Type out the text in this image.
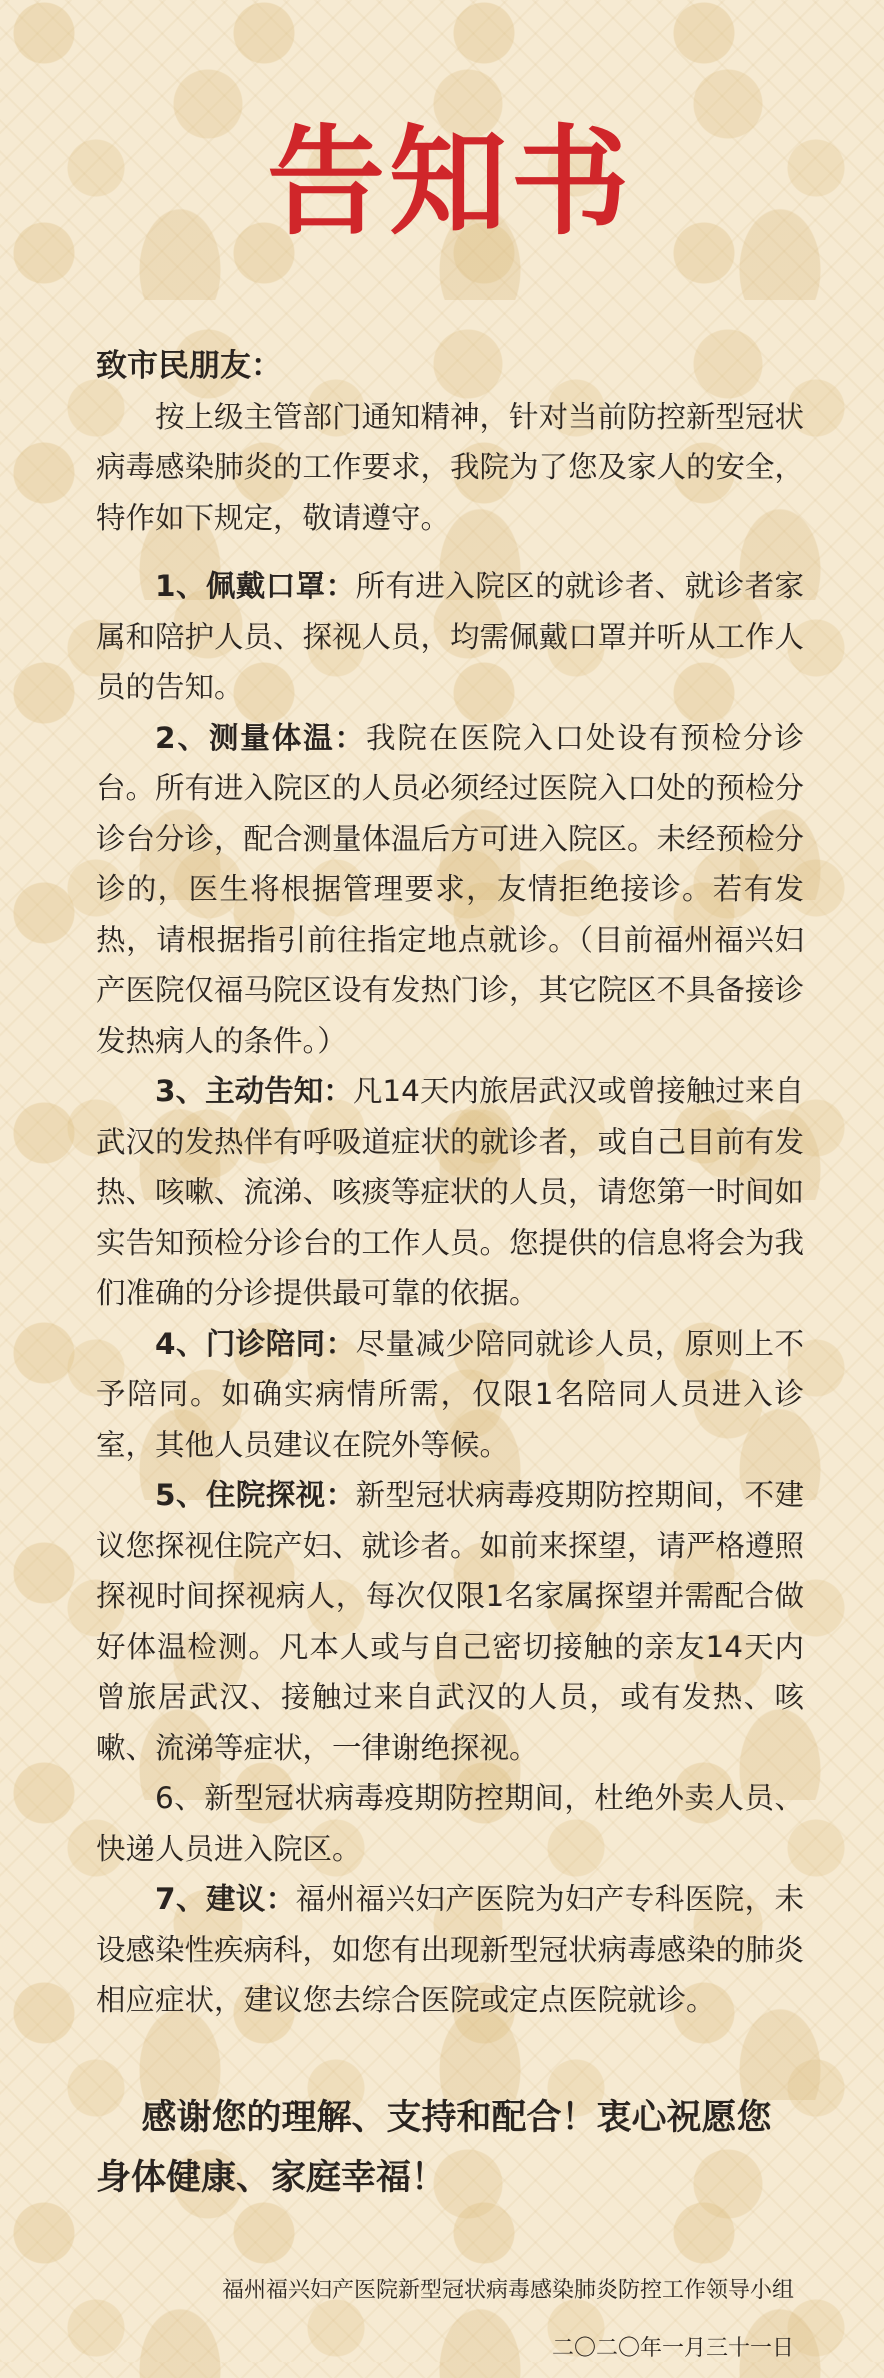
告知书
致市民朋友：

按上级主管部门通知精神，针对当前防控新型冠状病毒感染肺炎的工作要求，我院为了您及家人的安全，特作如下规定，敬请遵守。

1、佩戴口罩：所有进入院区的就诊者、就诊者家属和陪护人员、探视人员，均需佩戴口罩并听从工作人员的告知。

2、测量体温：我院在医院入口处设有预检分诊台。所有进入院区的人员必须经过医院入口处的预检分诊台分诊，配合测量体温后方可进入院区。未经预检分诊的，医生将根据管理要求，友情拒绝接诊。若有发热，请根据指引前往指定地点就诊。（目前福州福兴妇产医院仅福马院区设有发热门诊，其它院区不具备接诊发热病人的条件。）

3、主动告知：凡14天内旅居武汉或曾接触过来自武汉的发热伴有呼吸道症状的就诊者，或自己目前有发热、咳嗽、流涕、咳痰等症状的人员，请您第一时间如实告知预检分诊台的工作人员。您提供的信息将会为我们准确的分诊提供最可靠的依据。

4、门诊陪同：尽量减少陪同就诊人员，原则上不予陪同。如确实病情所需，仅限1名陪同人员进入诊室，其他人员建议在院外等候。

5、住院探视：新型冠状病毒疫期防控期间，不建议您探视住院产妇、就诊者。如前来探望，请严格遵照探视时间探视病人，每次仅限1名家属探望并需配合做好体温检测。凡本人或与自己密切接触的亲友14天内曾旅居武汉、接触过来自武汉的人员，或有发热、咳嗽、流涕等症状，一律谢绝探视。

6、新型冠状病毒疫期防控期间，杜绝外卖人员、快递人员进入院区。

7、建议：福州福兴妇产医院为妇产专科医院，未设感染性疾病科，如您有出现新型冠状病毒感染的肺炎相应症状，建议您去综合医院或定点医院就诊。

感谢您的理解、支持和配合！衷心祝愿您身体健康、家庭幸福！
福州福兴妇产医院新型冠状病毒感染肺炎防控工作领导小组
二〇二〇年一月三十一日
